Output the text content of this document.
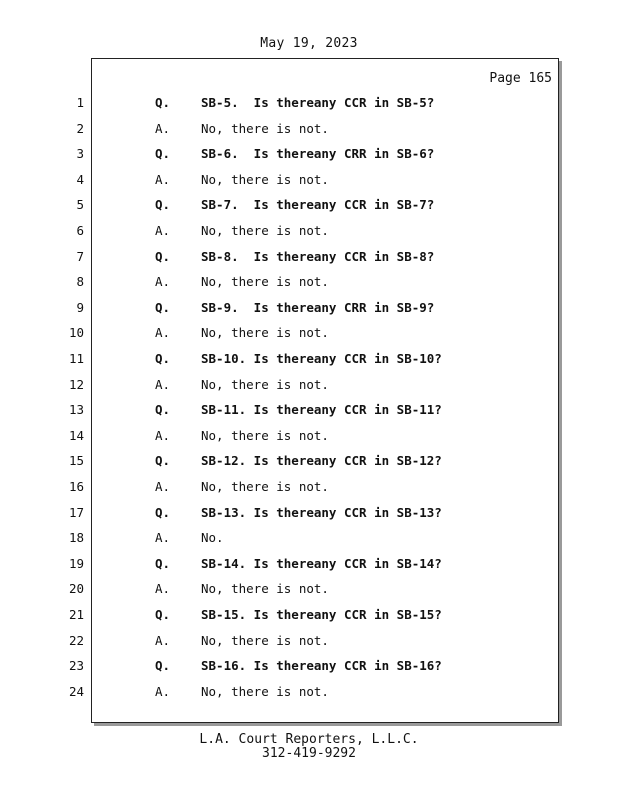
May 19, 2023
Page 165
1	Q. SB-5.  Is thereany CCR in SB-5?
2	A. No, there is not.
3	Q. SB-6.  Is thereany CRR in SB-6?
4	A. No, there is not.
5	Q. SB-7.  Is thereany CCR in SB-7?
6	A. No, there is not.
7	Q. SB-8.  Is thereany CCR in SB-8?
8	A. No, there is not.
9	Q. SB-9.  Is thereany CRR in SB-9?
10	A. No, there is not.
11	Q. SB-10. Is thereany CCR in SB-10?
12	A. No, there is not.
13	Q. SB-11. Is thereany CCR in SB-11?
14	A. No, there is not.
15	Q. SB-12. Is thereany CCR in SB-12?
16	A. No, there is not.
17	Q. SB-13. Is thereany CCR in SB-13?
18	A. No.
19	Q. SB-14. Is thereany CCR in SB-14?
20	A. No, there is not.
21	Q. SB-15. Is thereany CCR in SB-15?
22	A. No, there is not.
23	Q. SB-16. Is thereany CCR in SB-16?
24	A. No, there is not.
L.A. Court Reporters, L.L.C.
312-419-9292
